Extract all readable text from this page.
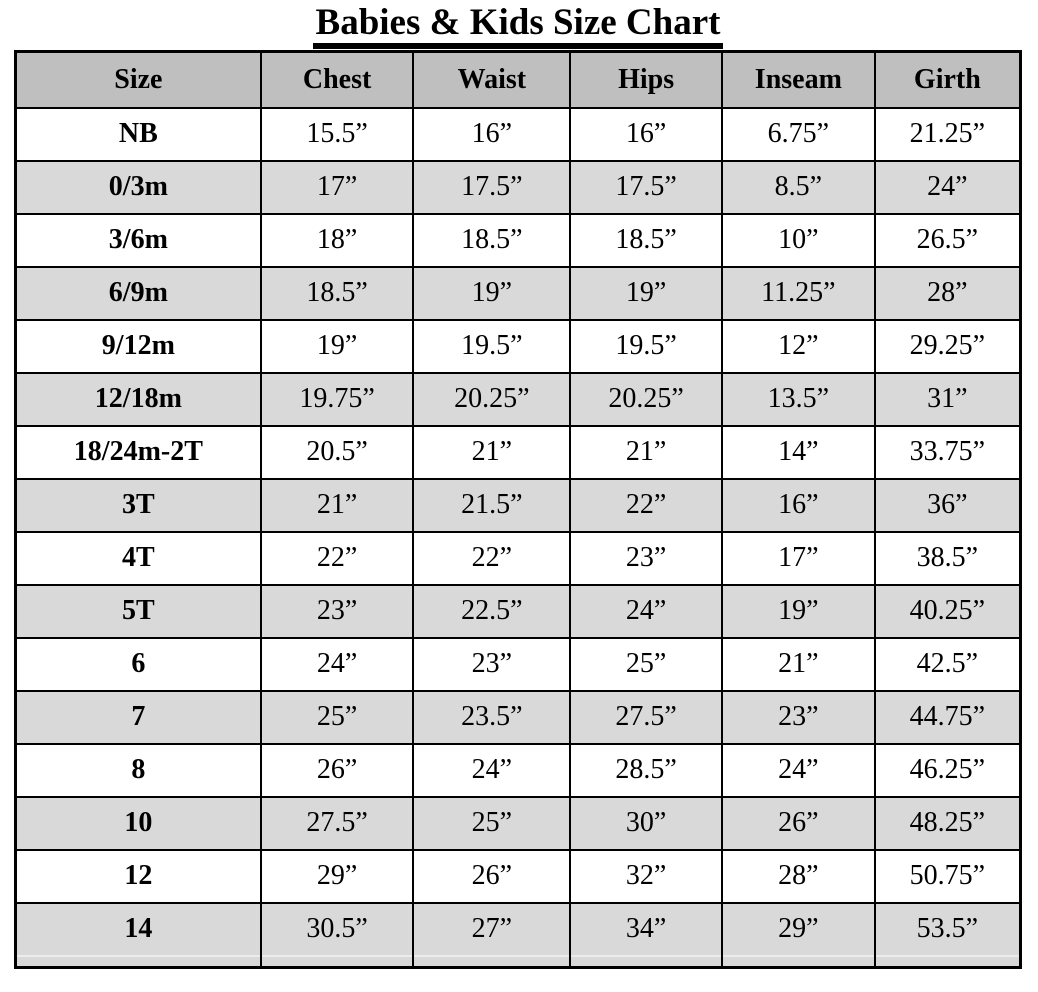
Babies & Kids Size Chart
Size	Chest	Waist	Hips	Inseam	Girth
NB	15.5”	16”	16”	6.75”	21.25”
0/3m	17”	17.5”	17.5”	8.5”	24”
3/6m	18”	18.5”	18.5”	10”	26.5”
6/9m	18.5”	19”	19”	11.25”	28”
9/12m	19”	19.5”	19.5”	12”	29.25”
12/18m	19.75”	20.25”	20.25”	13.5”	31”
18/24m-2T	20.5”	21”	21”	14”	33.75”
3T	21”	21.5”	22”	16”	36”
4T	22”	22”	23”	17”	38.5”
5T	23”	22.5”	24”	19”	40.25”
6	24”	23”	25”	21”	42.5”
7	25”	23.5”	27.5”	23”	44.75”
8	26”	24”	28.5”	24”	46.25”
10	27.5”	25”	30”	26”	48.25”
12	29”	26”	32”	28”	50.75”
14	30.5”	27”	34”	29”	53.5”
